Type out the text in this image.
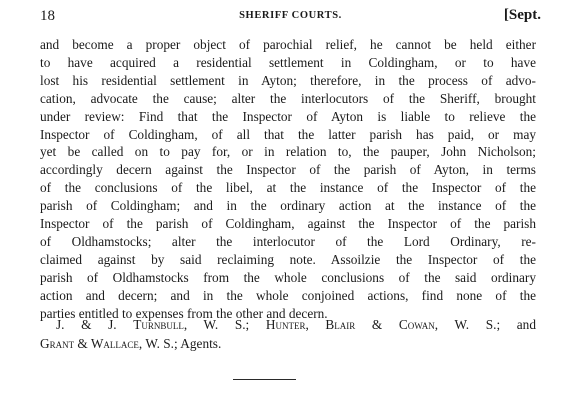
18	SHERIFF COURTS.	[Sept.
and become a proper object of parochial relief, he cannot be held either
to have acquired a residential settlement in Coldingham, or to have
lost his residential settlement in Ayton; therefore, in the process of advo-
cation, advocate the cause; alter the interlocutors of the Sheriff, brought
under review: Find that the Inspector of Ayton is liable to relieve the
Inspector of Coldingham, of all that the latter parish has paid, or may
yet be called on to pay for, or in relation to, the pauper, John Nicholson;
accordingly decern against the Inspector of the parish of Ayton, in terms
of the conclusions of the libel, at the instance of the Inspector of the
parish of Coldingham; and in the ordinary action at the instance of the
Inspector of the parish of Coldingham, against the Inspector of the parish
of Oldhamstocks; alter the interlocutor of the Lord Ordinary, re-
claimed against by said reclaiming note. Assoilzie the Inspector of the
parish of Oldhamstocks from the whole conclusions of the said ordinary
action and decern; and in the whole conjoined actions, find none of the
parties entitled to expenses from the other and decern.
J. & J. Turnbull, W. S.; Hunter, Blair & Cowan, W. S.; and
Grant & Wallace, W. S.; Agents.
